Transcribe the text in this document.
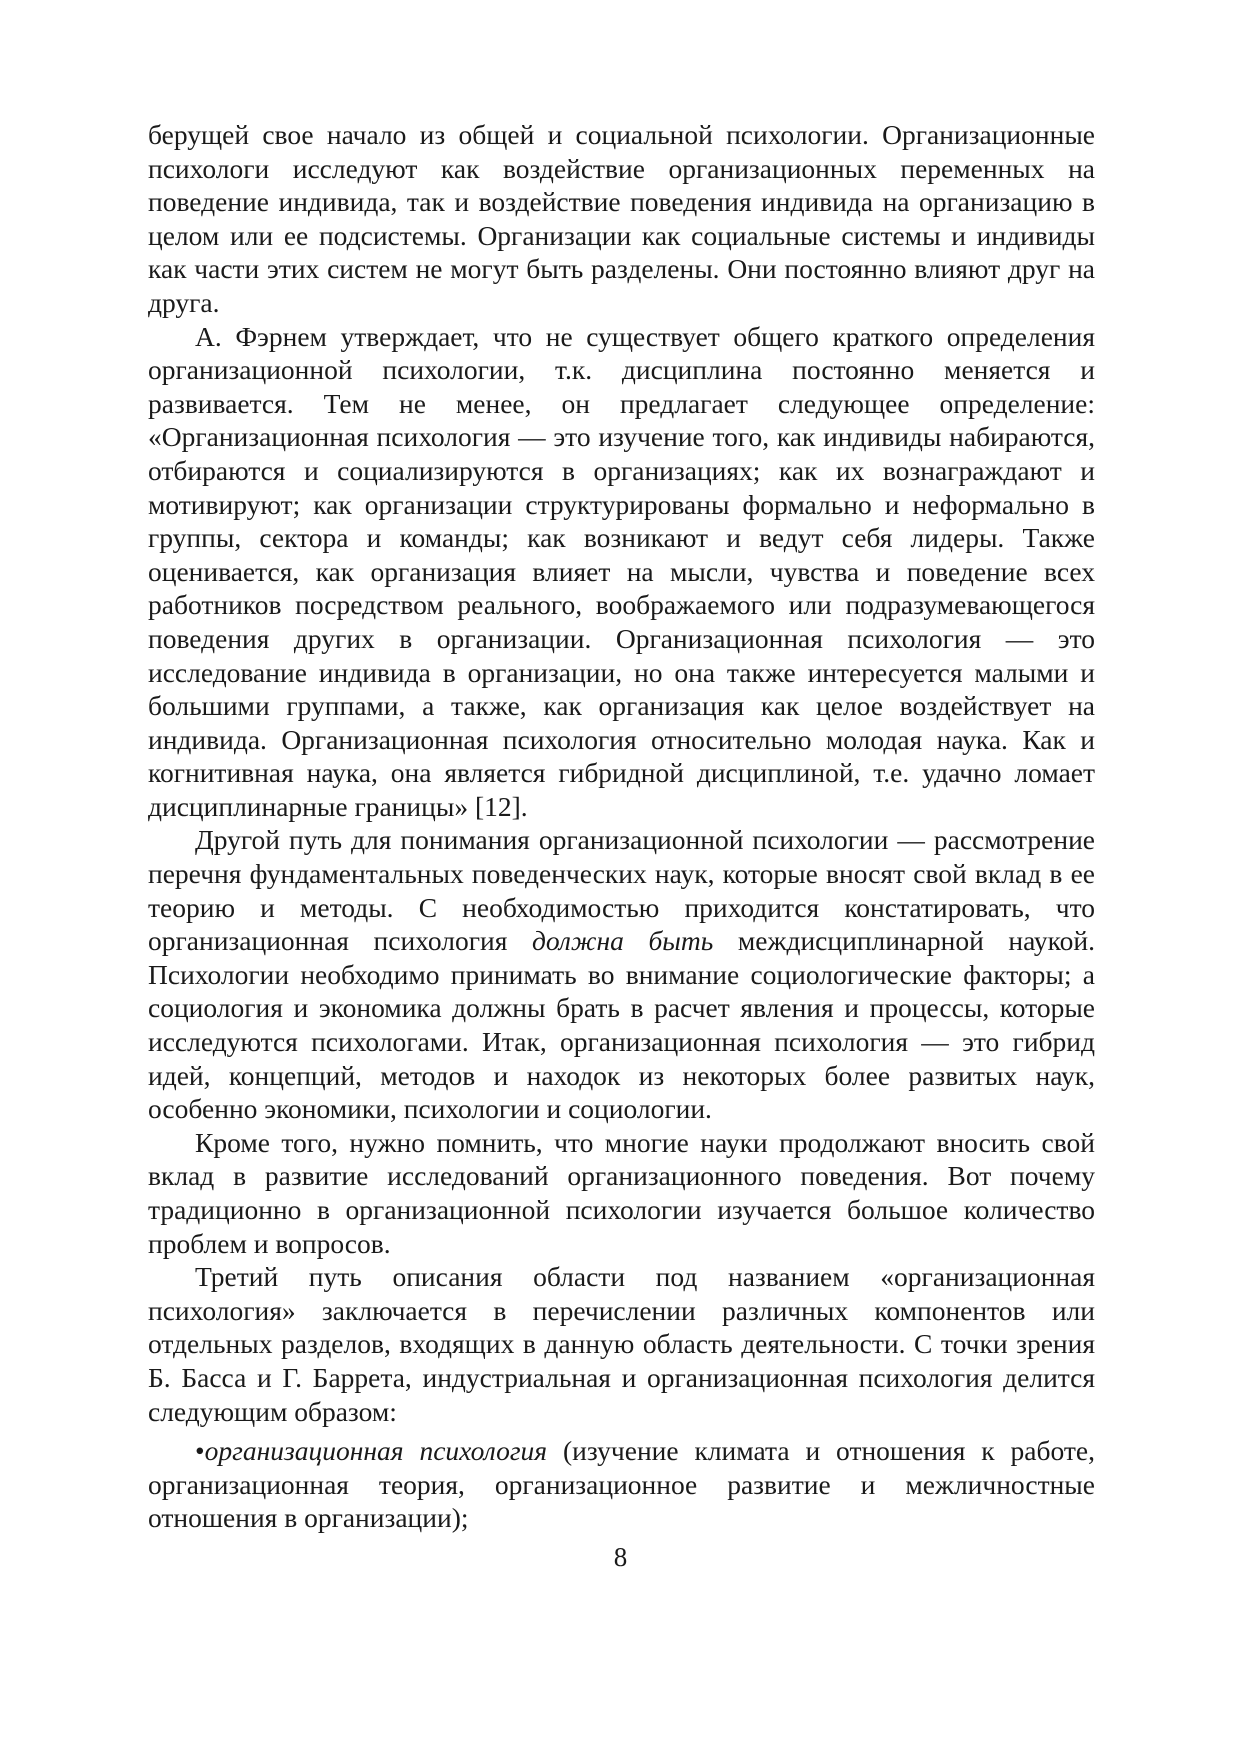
берущей свое начало из общей и социальной психологии. Организационные психологи исследуют как воздействие организационных переменных на поведение индивида, так и воздействие поведения индивида на организацию в целом или ее подсистемы. Организации как социальные системы и индивиды как части этих систем не могут быть разделены. Они постоянно влияют друг на друга.

А. Фэрнем утверждает, что не существует общего краткого определения организационной психологии, т.к. дисциплина постоянно меняется и развивается. Тем не менее, он предлагает следующее определение: «Организационная психология — это изучение того, как индивиды набираются, отбираются и социализируются в организациях; как их вознаграждают и мотивируют; как организации структурированы формально и неформально в группы, сектора и команды; как возникают и ведут себя лидеры. Также оценивается, как организация влияет на мысли, чувства и поведение всех работников посредством реального, воображаемого или подразумевающегося поведения других в организации. Организационная психология — это исследование индивида в организации, но она также интересуется малыми и большими группами, а также, как организация как целое воздействует на индивида. Организационная психология относительно молодая наука. Как и когнитивная наука, она является гибридной дисциплиной, т.е. удачно ломает дисциплинарные границы» [12].

Другой путь для понимания организационной психологии — рассмотрение перечня фундаментальных поведенческих наук, которые вносят свой вклад в ее теорию и методы. С необходимостью приходится констатировать, что организационная психология должна быть междисциплинарной наукой. Психологии необходимо принимать во внимание социологические факторы; а социология и экономика должны брать в расчет явления и процессы, которые исследуются психологами. Итак, организационная психология — это гибрид идей, концепций, методов и находок из некоторых более развитых наук, особенно экономики, психологии и социологии.

Кроме того, нужно помнить, что многие науки продолжают вносить свой вклад в развитие исследований организационного поведения. Вот почему традиционно в организационной психологии изучается большое количество проблем и вопросов.

Третий путь описания области под названием «организационная психология» заключается в перечислении различных компонентов или отдельных разделов, входящих в данную область деятельности. С точки зрения Б. Басса и Г. Баррета, индустриальная и организационная психология делится следующим образом:

•организационная психология (изучение климата и отношения к работе, организационная теория, организационное развитие и межличностные отношения в организации);

8
